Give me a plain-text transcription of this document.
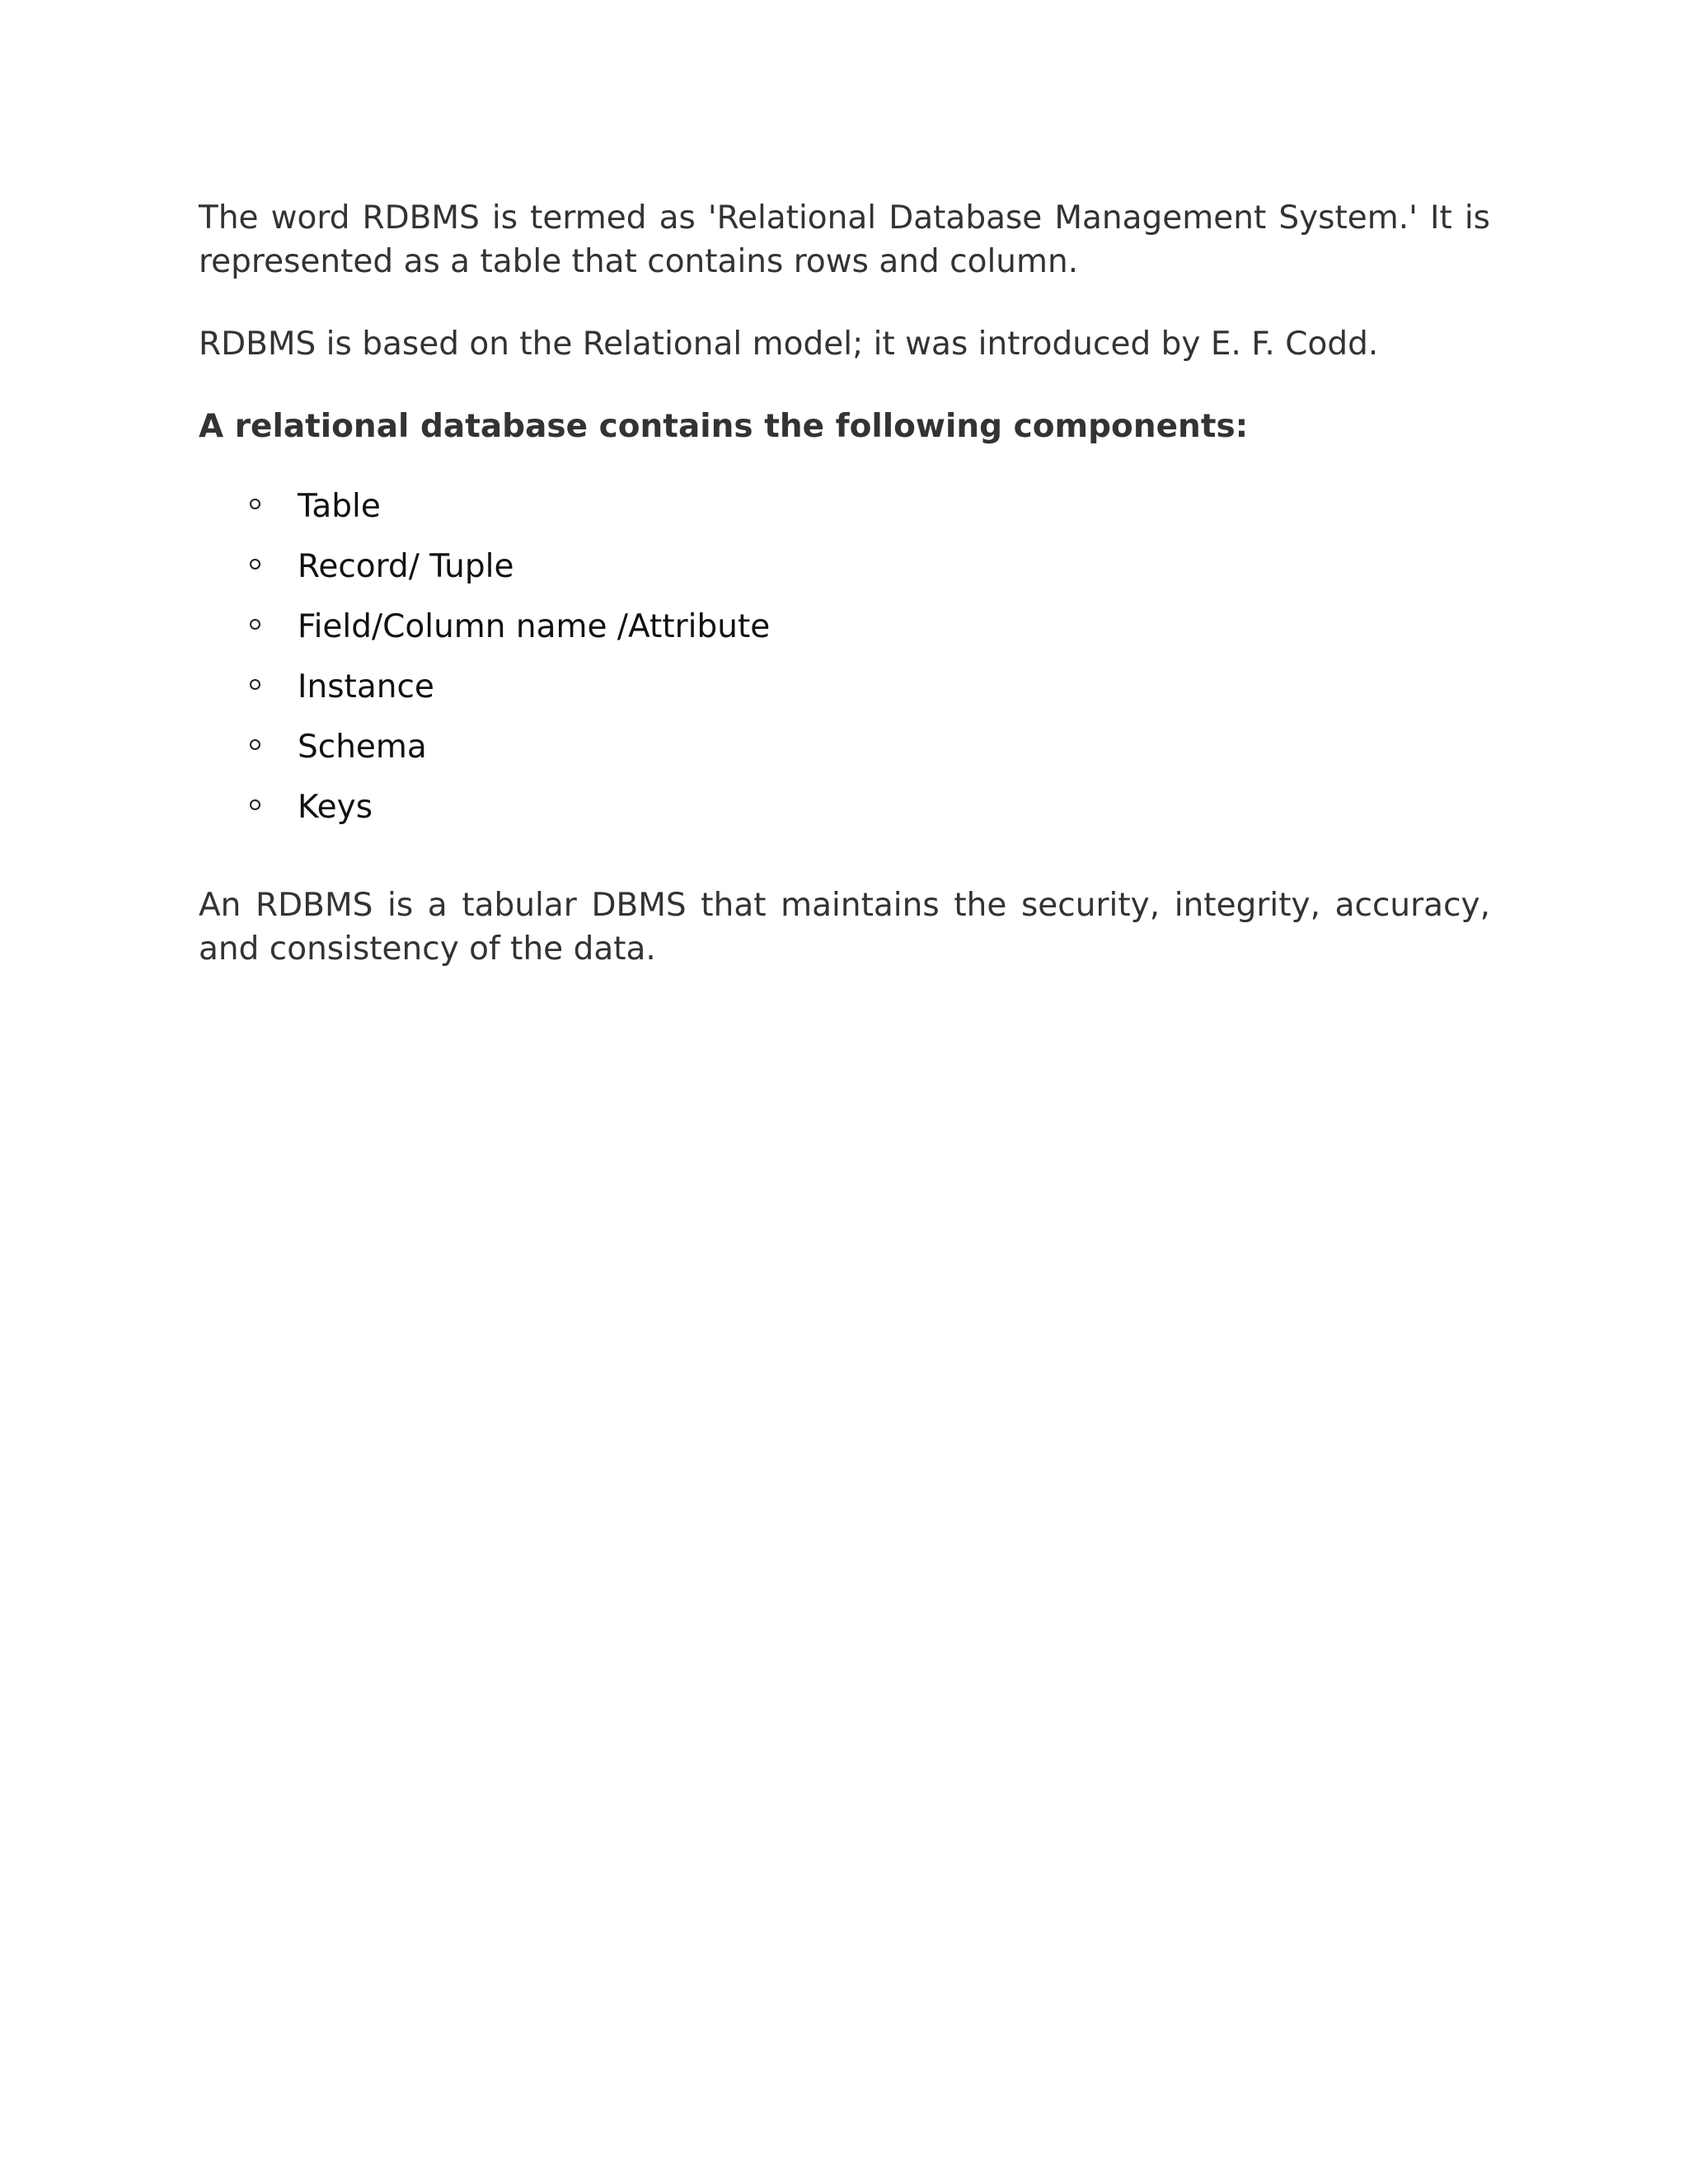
The word RDBMS is termed as 'Relational Database Management System.' It is represented as a table that contains rows and column.

RDBMS is based on the Relational model; it was introduced by E. F. Codd.

A relational database contains the following components:
Table
Record/ Tuple
Field/Column name /Attribute
Instance
Schema
Keys

An RDBMS is a tabular DBMS that maintains the security, integrity, accuracy, and consistency of the data.
